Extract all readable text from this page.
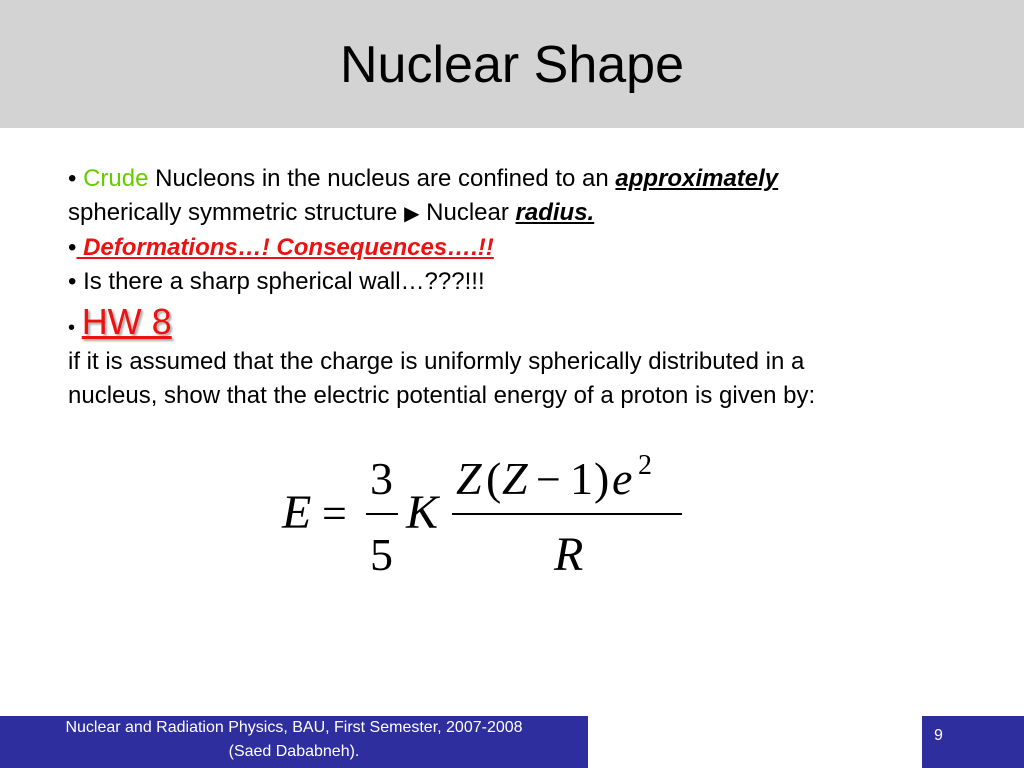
Nuclear Shape
• Crude Nucleons in the nucleus are confined to an approximately
spherically symmetric structure ▶ Nuclear radius.
• Deformations…! Consequences….!!
• Is there a sharp spherical wall…???!!!
• HW 8
if it is assumed that the charge is uniformly spherically distributed in a
nucleus, show that the electric potential energy of a proton is given by:
E =
3
5
K
Z ( Z − 1 ) e 2
R
Nuclear and Radiation Physics, BAU, First Semester, 2007-2008
(Saed Dababneh).
9
